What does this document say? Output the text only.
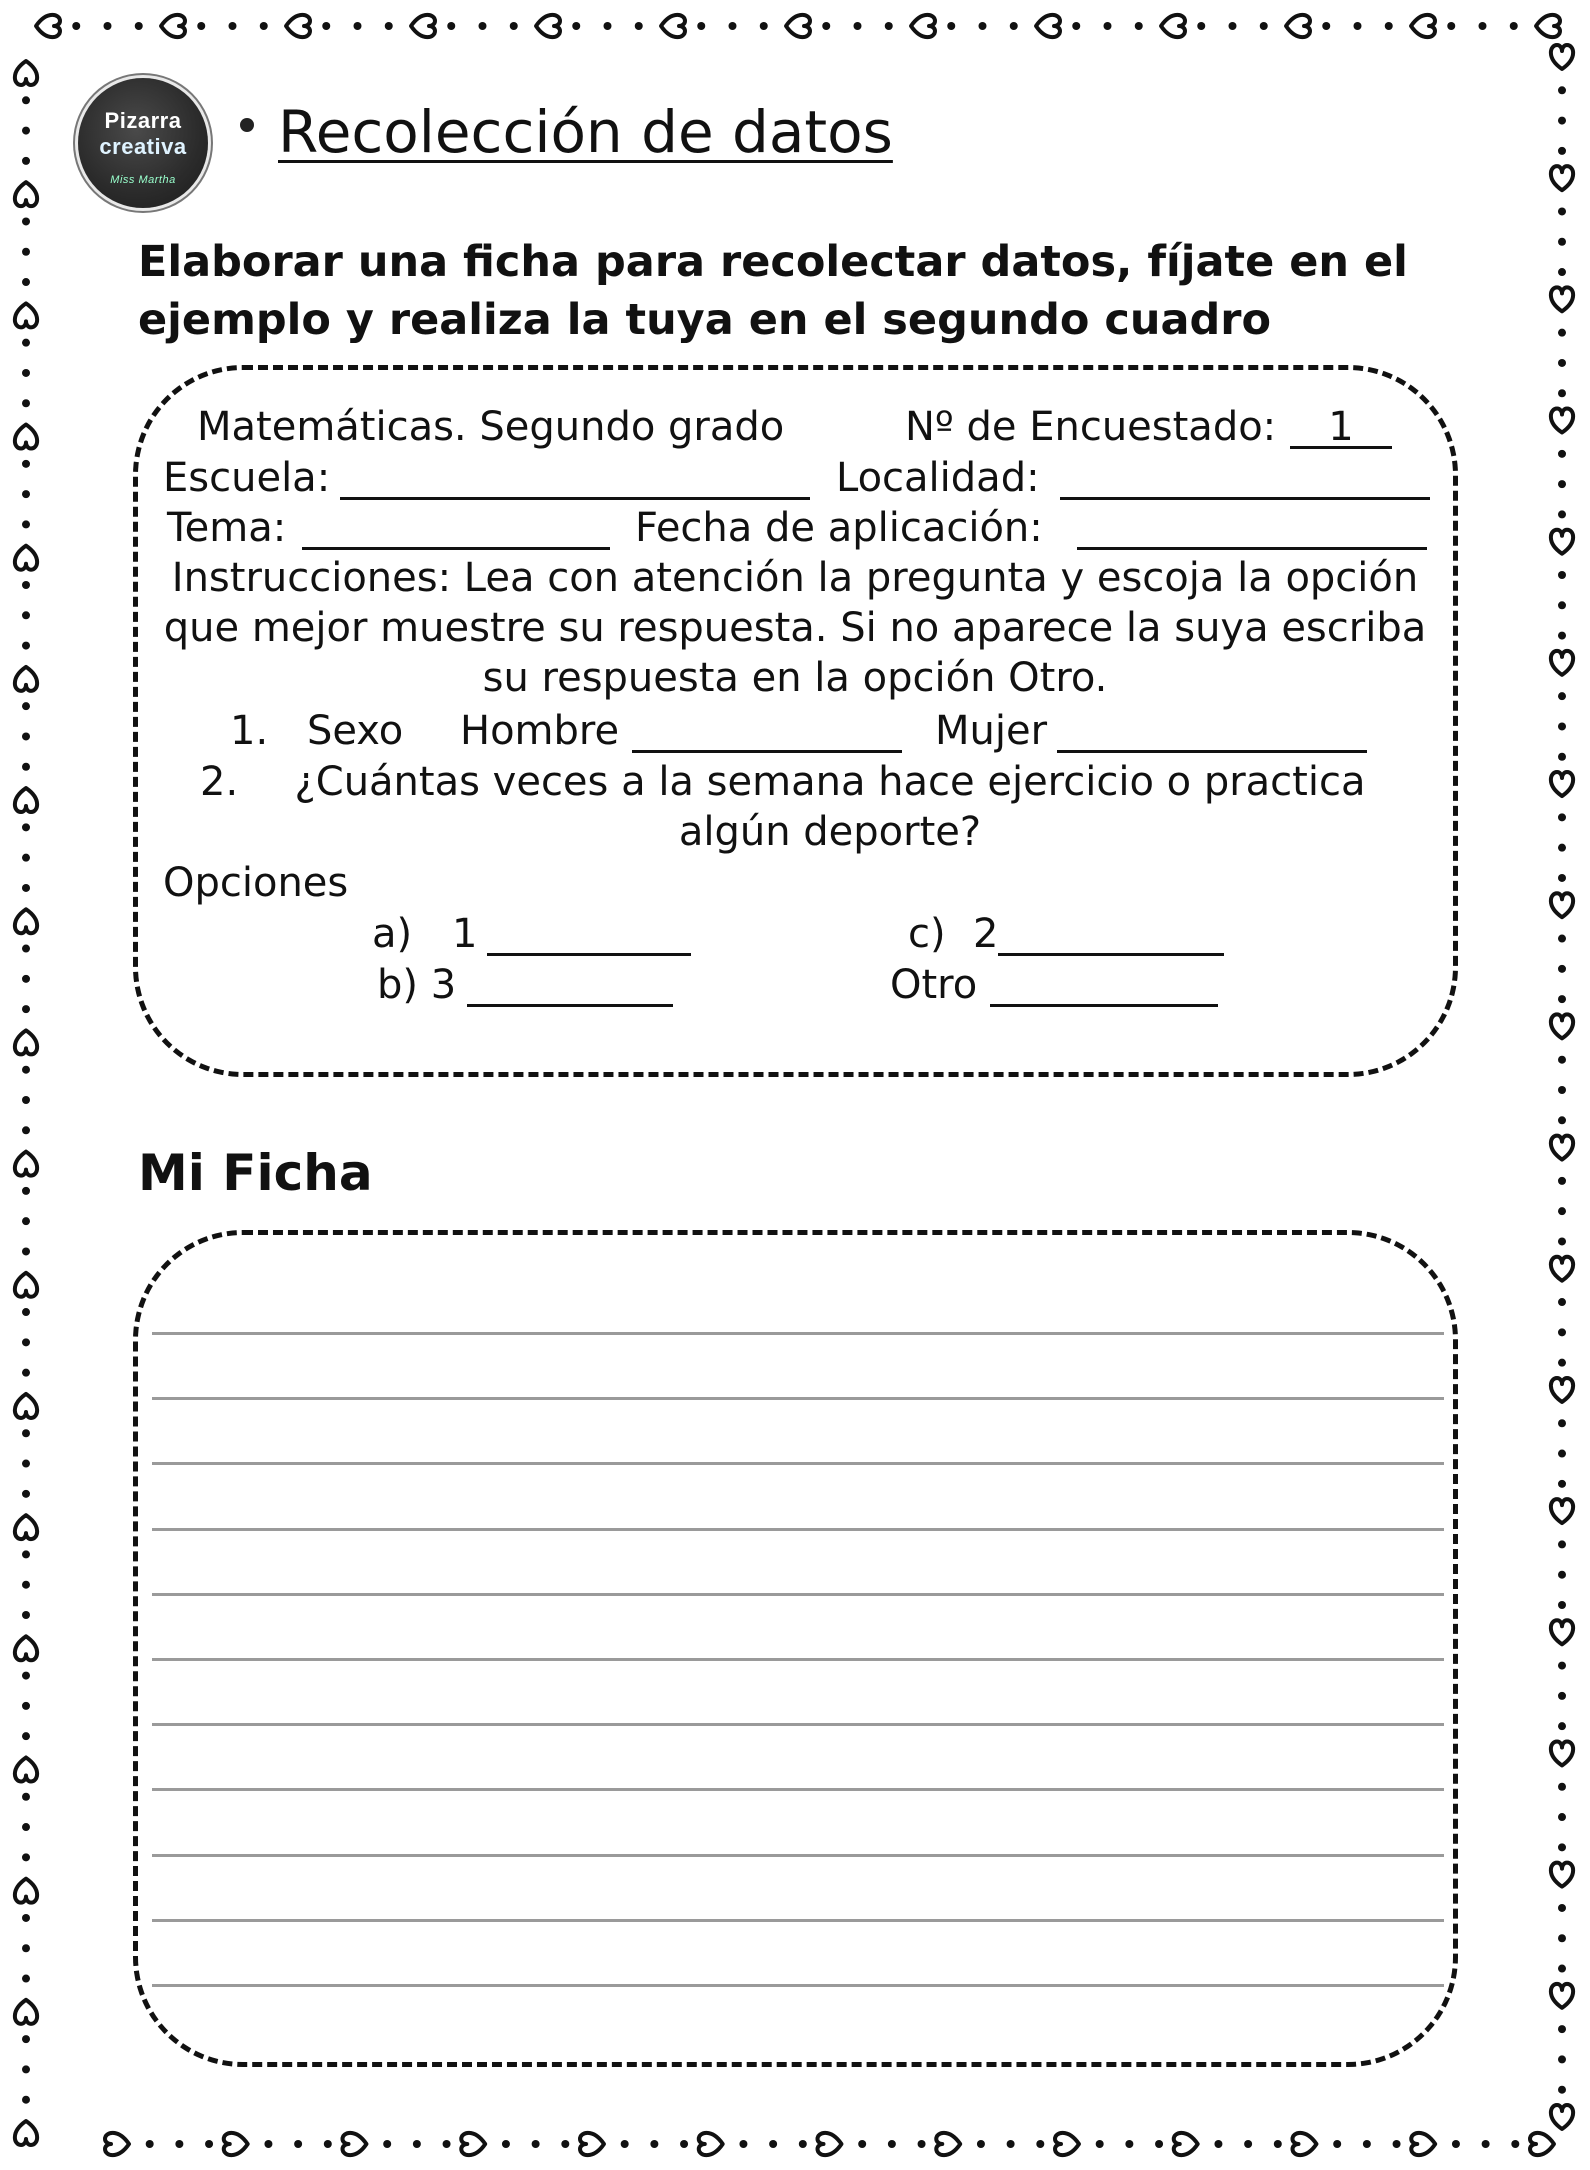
Pizarra
creativa
Miss Martha
Recolección de datos
Elaborar una ficha para recolectar datos, fíjate en el ejemplo y realiza la tuya en el segundo cuadro
Matemáticas. Segundo grado	Nº de Encuestado:	1
Escuela:	Localidad:
Tema:	Fecha de aplicación:
Instrucciones: Lea con atención la pregunta y escoja la opción que mejor muestre su respuesta. Si no aparece la suya escriba su respuesta en la opción Otro.
1. Sexo Hombre	Mujer
2.	¿Cuántas veces a la semana hace ejercicio o practica algún deporte?
Opciones
a) 1	c) 2
b) 3	Otro
Mi Ficha
